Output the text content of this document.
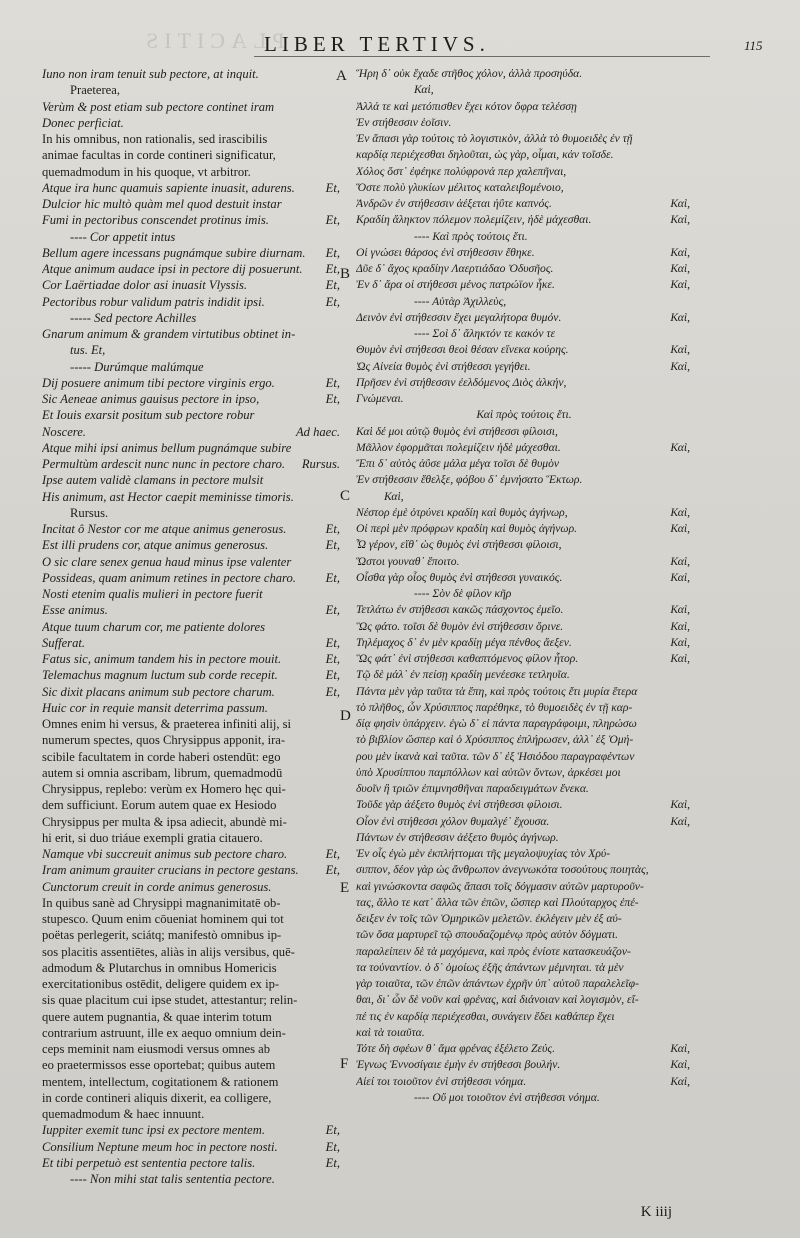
PLACITIS
LIBER TERTIVS.	115
A
B
C
D
E
F
Iuno non iram tenuit sub pectore, at inquit.
Praeterea,
Verùm & post etiam sub pectore continet iram
Donec perficiat.
In his omnibus, non rationalis, sed irascibilis
animae facultas in corde contineri significatur,
quemadmodum in his quoque, vt arbitror.
Atque ira hunc quamuis sapiente inuasit, adurens. Et,
Dulcior hic multò quàm mel quod destuit instar
Fumi in pectoribus conscendet protinus imis.	Et,
---- Cor appetit intus
Bellum agere incessans pugnámque subire diurnam. Et,
Atque animum audace ipsi in pectore dij posuerunt. Et,
Cor Laërtiadae dolor asi inuasit Vlyssis.	Et,
Pectoribus robur validum patris indidit ipsi.	Et,
----- Sed pectore Achilles
Gnarum animum & grandem virtutibus obtinet in-
tus. Et,
----- Durúmque malúmque
Dij posuere animum tibi pectore virginis ergo.	Et,
Sic Aeneae animus gauisus pectore in ipso,	Et,
Et Iouis exarsit positum sub pectore robur
Noscere.	Ad haec.
Atque mihi ipsi animus bellum pugnámque subire
Permultùm ardescit nunc nunc in pectore charo. Rursus.
Ipse autem validè clamans in pectore mulsit
His animum, ast Hector caepit meminisse timoris.
Rursus.
Incitat ô Nestor cor me atque animus generosus.	Et,
Est illi prudens cor, atque animus generosus.	Et,
O sic clare senex genua haud minus ipse valenter
Possideas, quam animum retines in pectore charo. Et,
Nosti etenim qualis mulieri in pectore fuerit
Esse animus.	Et,
Atque tuum charum cor, me patiente dolores
Sufferat.	Et,
Fatus sic, animum tandem his in pectore mouit.	Et,
Telemachus magnum luctum sub corde recepit.	Et,
Sic dixit placans animum sub pectore charum.	Et,
Huic cor in requie mansit deterrima passum.
Omnes enim hi versus, & praeterea infiniti alij, si
numerum spectes, quos Chrysippus apponit, ira-
scibile facultatem in corde haberi ostendūt: ego
autem si omnia ascribam, librum, quemadmodū
Chrysippus, replebo: verùm ex Homero hęc qui-
dem sufficiunt. Eorum autem quae ex Hesiodo
Chrysippus per multa & ipsa adiecit, abundè mi-
hi erit, si duo triáue exempli gratia citauero.
Namque vbi succreuit animus sub pectore charo.	Et,
Iram animum grauiter crucians in pectore gestans. Et,
Cunctorum creuit in corde animus generosus.
In quibus sanè ad Chrysippi magnanimitatē ob-
stupesco. Quum enim cōueniat hominem qui tot
poëtas perlegerit, sciátq; manifestò omnibus ip-
sos placitis assentiētes, aliàs in alijs versibus, quē-
admodum & Plutarchus in omnibus Homericis
exercitationibus ostēdit, deligere quidem ex ip-
sis quae placitum cui ipse studet, attestantur; relin-
quere autem pugnantia, & quae interim totum
contrarium astruunt, ille ex aequo omnium dein-
ceps meminit nam eiusmodi versus omnes ab
eo praetermissos esse oportebat; quibus autem
mentem, intellectum, cogitationem & rationem
in corde contineri aliquis dixerit, ea colligere,
quemadmodum & haec innuunt.
Iuppiter exemit tunc ipsi ex pectore mentem.	Et,
Consilium Neptune meum hoc in pectore nosti.	Et,
Et tibi perpetuò est sententia pectore talis.	Et,
---- Non mihi stat talis sententia pectore.
Ἥρη δ᾽ οὐκ ἔχαδε στῆθος χόλον, ἀλλὰ προσηύδα.
Καὶ,
Ἀλλά τε καὶ μετόπισθεν ἔχει κότον ὄφρα τελέσσῃ
Ἐν στήθεσσιν ἑοῖσιν.
Ἐν ἅπασι γὰρ τούτοις τὸ λογιστικὸν, ἀλλὰ τὸ θυμοειδὲς ἐν τῇ
καρδίᾳ περιέχεσθαι δηλοῦται, ὡς γὰρ, οἶμαι, κἀν τοῖσδε.
Χόλος ὅστ᾽ ἐφέηκε πολύφρονά περ χαλεπῆναι,
Ὅστε πολὺ γλυκίων μέλιτος καταλειβομένοιο,
Ἀνδρῶν ἐν στήθεσσιν ἀέξεται ἠΰτε καπνός.	Καὶ,
Κραδίη ἄληκτον πόλεμον πολεμίζειν, ἠδὲ μάχεσθαι.	Καὶ,
---- Καὶ πρὸς τούτοις ἔτι.
Οἱ γνώσει θάρσος ἐνὶ στήθεσσιν ἔθηκε.	Καὶ,
Δῦε δ᾽ ἄχος κραδίην Λαερτιάδαο Ὀδυσῆος.	Καὶ,
Ἐν δ᾽ ἄρα οἱ στήθεσσι μένος πατρώϊον ἧκε.	Καὶ,
---- Αὐτὰρ Ἀχιλλεὺς,
Δεινὸν ἐνὶ στήθεσσιν ἔχει μεγαλήτορα θυμόν.	Καὶ,
---- Σοὶ δ᾽ ἄληκτόν τε κακόν τε
Θυμὸν ἐνὶ στήθεσσι θεοὶ θέσαν εἵνεκα κούρης.	Καὶ,
Ὡς Αἰνεία θυμὸς ἐνὶ στήθεσσι γεγήθει.	Καὶ,
Πρῆσεν ἐνὶ στήθεσσιν ἐελδόμενος Διὸς ἀλκήν,
Γνώμεναι.
Καὶ πρὸς τούτοις ἔτι.
Καὶ δέ μοι αὐτῷ θυμὸς ἐνὶ στήθεσσι φίλοισι,
Μᾶλλον ἐφορμᾶται πολεμίζειν ἠδὲ μάχεσθαι.	Καὶ,
Ἔπι δ᾽ αὐτὸς ἀΰσε μάλα μέγα τοῖσι δὲ θυμὸν
Ἐν στήθεσσιν ἔθελξε, φόβου δ᾽ ἐμνήσατο Ἕκτωρ.
Καὶ,
Νέστορ ἐμὲ ὀτρύνει κραδίη καὶ θυμὸς ἀγήνωρ,	Καὶ,
Οἱ περὶ μὲν πρόφρων κραδίη καὶ θυμὸς ἀγήνωρ.	Καὶ,
Ὦ γέρον, εἴθ᾽ ὡς θυμὸς ἐνὶ στήθεσσι φίλοισι,
Ὥστοι γουναθ᾽ ἕποιτο.	Καὶ,
Οἶσθα γὰρ οἷος θυμὸς ἐνὶ στήθεσσι γυναικός.	Καὶ,
---- Σὸν δὲ φίλον κῆρ
Τετλάτω ἐν στήθεσσι κακῶς πάσχοντος ἐμεῖο.	Καὶ,
Ὣς φάτο. τοῖσι δὲ θυμὸν ἐνὶ στήθεσσιν ὄρινε.	Καὶ,
Τηλέμαχος δ᾽ ἐν μὲν κραδίῃ μέγα πένθος ἄεξεν.	Καὶ,
Ὣς φάτ᾽ ἐνὶ στήθεσσι καθαπτόμενος φίλον ἦτορ.	Καὶ,
Τῷ δὲ μάλ᾽ ἐν πείσῃ κραδίη μενέεσκε τετληυῖα.
Πάντα μὲν γὰρ ταῦτα τὰ ἔπη, καὶ πρὸς τούτοις ἔτι μυρία ἕτερα
τὸ πλῆθος, ὧν Χρύσιππος παρέθηκε, τὸ θυμοειδὲς ἐν τῇ καρ-
δίᾳ φησὶν ὑπάρχειν. ἐγὼ δ᾽ εἰ πάντα παραγράφοιμι, πληρώσω
τὸ βιβλίον ὥσπερ καὶ ὁ Χρύσιππος ἐπλήρωσεν, ἀλλ᾽ ἐξ Ὁμή-
ρου μὲν ἱκανὰ καὶ ταῦτα. τῶν δ᾽ ἐξ Ἡσιόδου παραγραφέντων
ὑπὸ Χρυσίππου παμπόλλων καὶ αὐτῶν ὄντων, ἀρκέσει μοι
δυοῖν ἢ τριῶν ἐπιμνησθῆναι παραδειγμάτων ἕνεκα.
Τοῦδε γὰρ ἀέξετο θυμὸς ἐνὶ στήθεσσι φίλοισι.	Καὶ,
Οἷον ἐνὶ στήθεσσι χόλον θυμαλγέ᾽ ἔχουσα.	Καὶ,
Πάντων ἐν στήθεσσιν ἀέξετο θυμὸς ἀγήνωρ.
Ἐν οἷς ἐγὼ μὲν ἐκπλήττομαι τῆς μεγαλοψυχίας τὸν Χρύ-
σιππον, δέον γὰρ ὡς ἄνθρωπον ἀνεγνωκότα τοσούτους ποιητὰς,
καὶ γινώσκοντα σαφῶς ἅπασι τοῖς δόγμασιν αὐτῶν μαρτυροῦν-
τας, ἄλλο τε κατ᾽ ἄλλα τῶν ἐπῶν, ὥσπερ καὶ Πλούταρχος ἐπέ-
δειξεν ἐν τοῖς τῶν Ὁμηρικῶν μελετῶν. ἐκλέγειν μὲν ἐξ αὐ-
τῶν ὅσα μαρτυρεῖ τῷ σπουδαζομένῳ πρὸς αὐτὸν δόγματι.
παραλείπειν δὲ τὰ μαχόμενα, καὶ πρὸς ἐνίοτε κατασκευάζον-
τα τοὐναντίον. ὁ δ᾽ ὁμοίως ἐξῆς ἁπάντων μέμνηται. τὰ μὲν
γὰρ τοιαῦτα, τῶν ἐπῶν ἁπάντων ἐχρῆν ὑπ᾽ αὐτοῦ παραλελεῖφ-
θαι, δι᾽ ὧν δὲ νοῦν καὶ φρένας, καὶ διάνοιαν καὶ λογισμὸν, εἴ-
πέ τις ἐν καρδίᾳ περιέχεσθαι, συνάγειν ἔδει καθάπερ ἔχει
καὶ τὰ τοιαῦτα.
Τότε δὴ σφέων θ᾽ ἅμα φρένας ἐξέλετο Ζεύς.	Καὶ,
Ἐγνως Ἐννοσίγαιε ἐμὴν ἐν στήθεσσι βουλήν.	Καὶ,
Αἰεί τοι τοιοῦτον ἐνὶ στήθεσσι νόημα.	Καὶ,
---- Οὔ μοι τοιοῦτον ἐνὶ στήθεσσι νόημα.
K iiij
